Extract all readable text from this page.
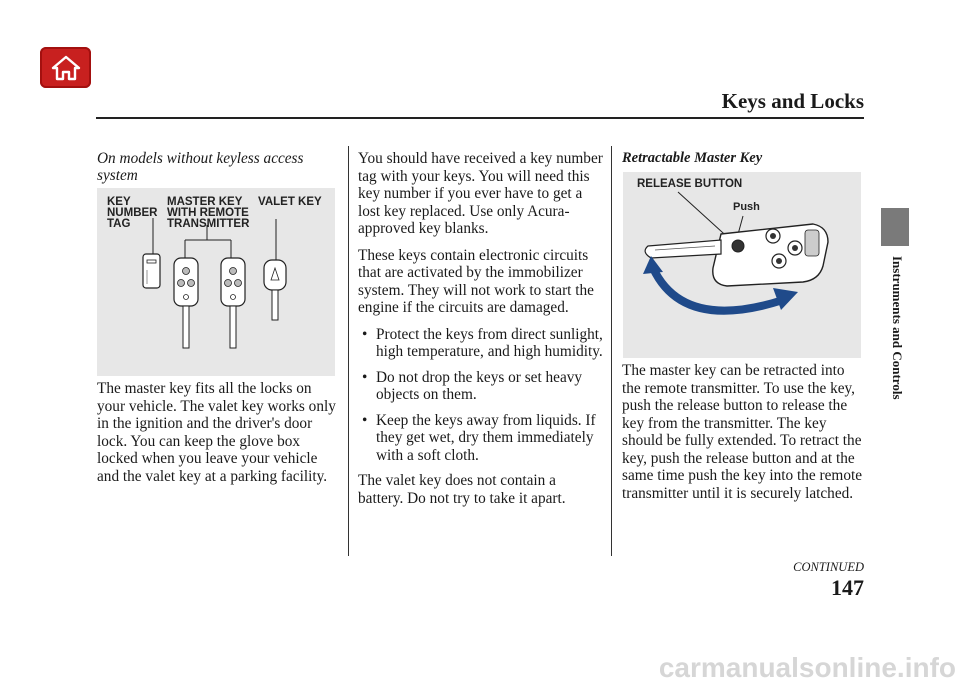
Keys and Locks
Instruments and Controls
On models without keyless access system
KEY
NUMBER
TAG
MASTER KEY
WITH REMOTE
TRANSMITTER
VALET KEY
The master key fits all the locks on your vehicle. The valet key works only in the ignition and the driver's door lock. You can keep the glove box locked when you leave your vehicle and the valet key at a parking facility.

You should have received a key number tag with your keys. You will need this key number if you ever have to get a lost key replaced. Use only Acura-approved key blanks.

These keys contain electronic circuits that are activated by the immobilizer system. They will not work to start the engine if the circuits are damaged.

• Protect the keys from direct sunlight, high temperature, and high humidity.
• Do not drop the keys or set heavy objects on them.
• Keep the keys away from liquids. If they get wet, dry them immediately with a soft cloth.

The valet key does not contain a battery. Do not try to take it apart.

Retractable Master Key
RELEASE BUTTON
Push
The master key can be retracted into the remote transmitter. To use the key, push the release button to release the key from the transmitter. The key should be fully extended. To retract the key, push the release button and at the same time push the key into the remote transmitter until it is securely latched.
CONTINUED
147
carmanualsonline.info
